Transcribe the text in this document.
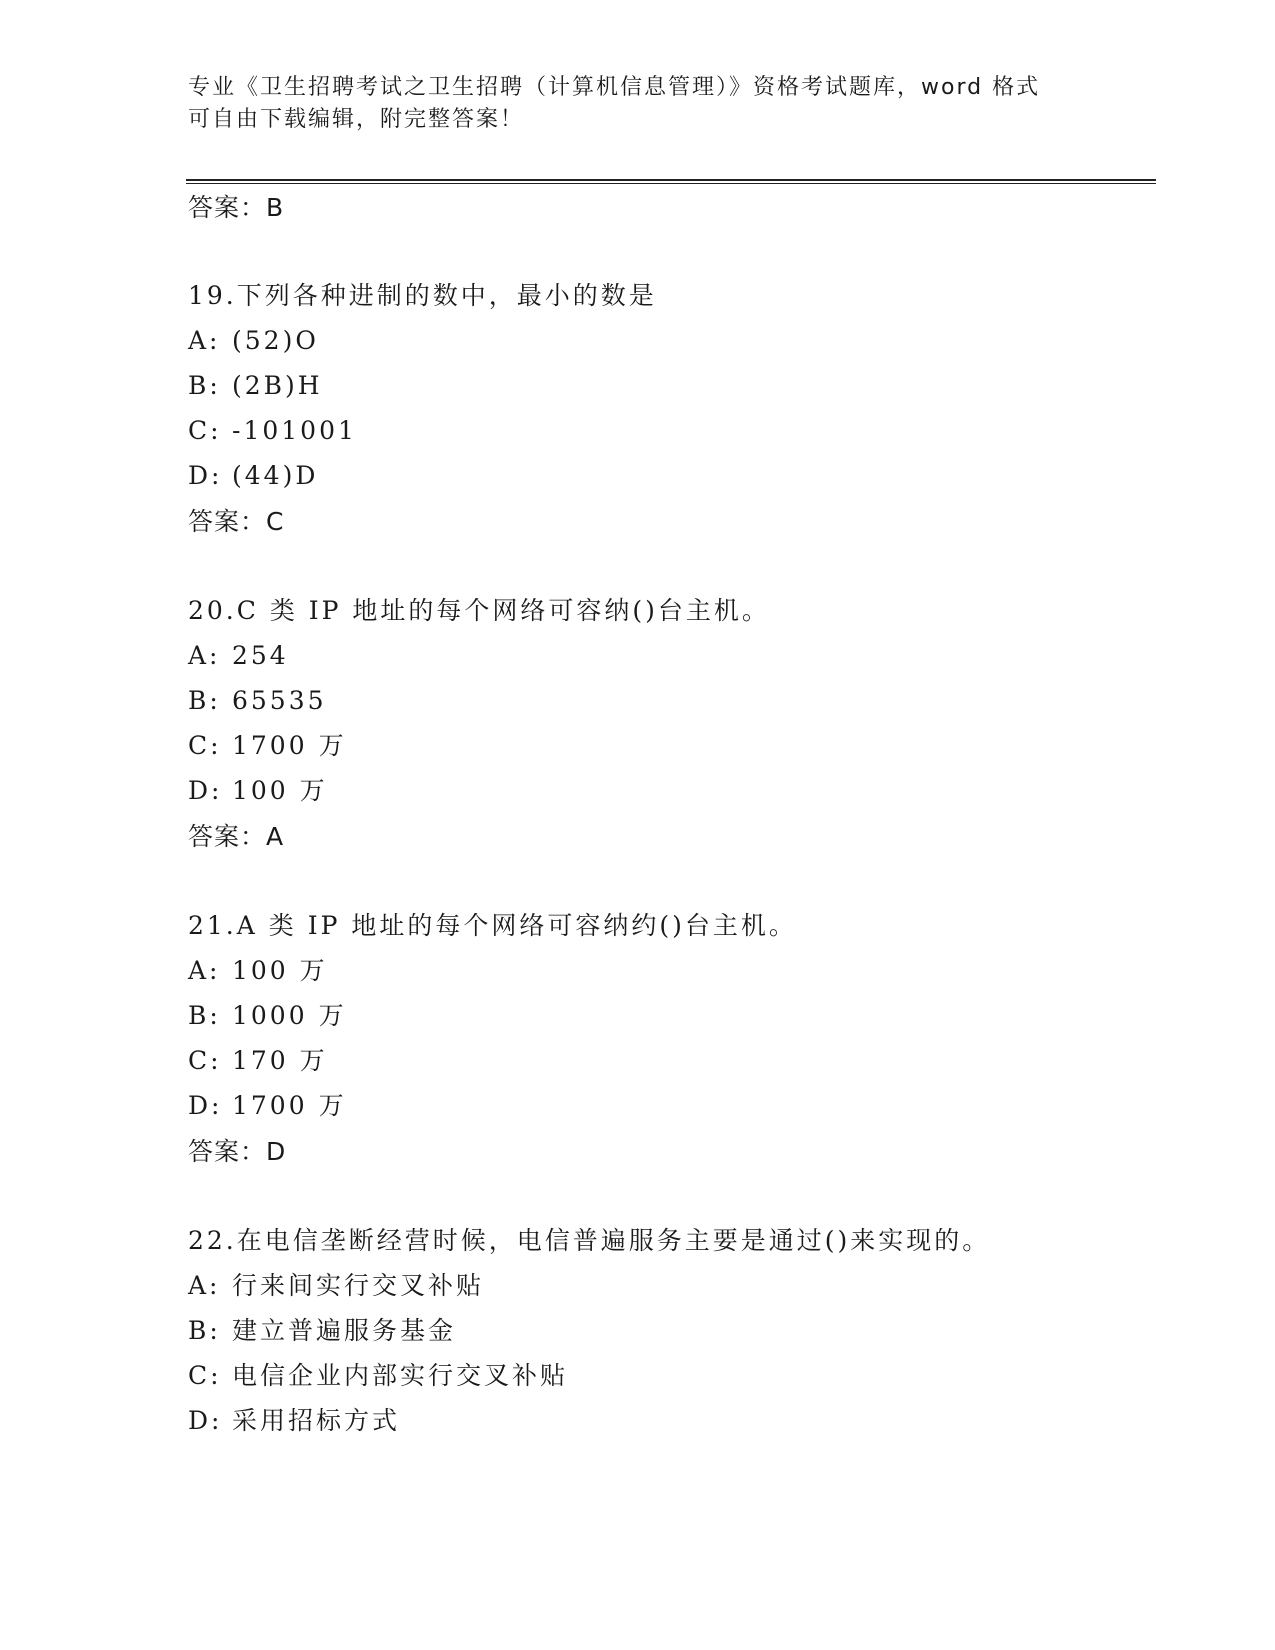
专业《卫生招聘考试之卫生招聘（计算机信息管理）》资格考试题库，word 格式
可自由下载编辑，附完整答案！
答案：B
19.下列各种进制的数中，最小的数是
A: (52)O
B: (2B)H
C: -101001
D: (44)D
答案：C
20.C 类 IP 地址的每个网络可容纳()台主机。
A: 254
B: 65535
C: 1700 万
D: 100 万
答案：A
21.A 类 IP 地址的每个网络可容纳约()台主机。
A: 100 万
B: 1000 万
C: 170 万
D: 1700 万
答案：D
22.在电信垄断经营时候，电信普遍服务主要是通过()来实现的。
A: 行来间实行交叉补贴
B: 建立普遍服务基金
C: 电信企业内部实行交叉补贴
D: 采用招标方式
